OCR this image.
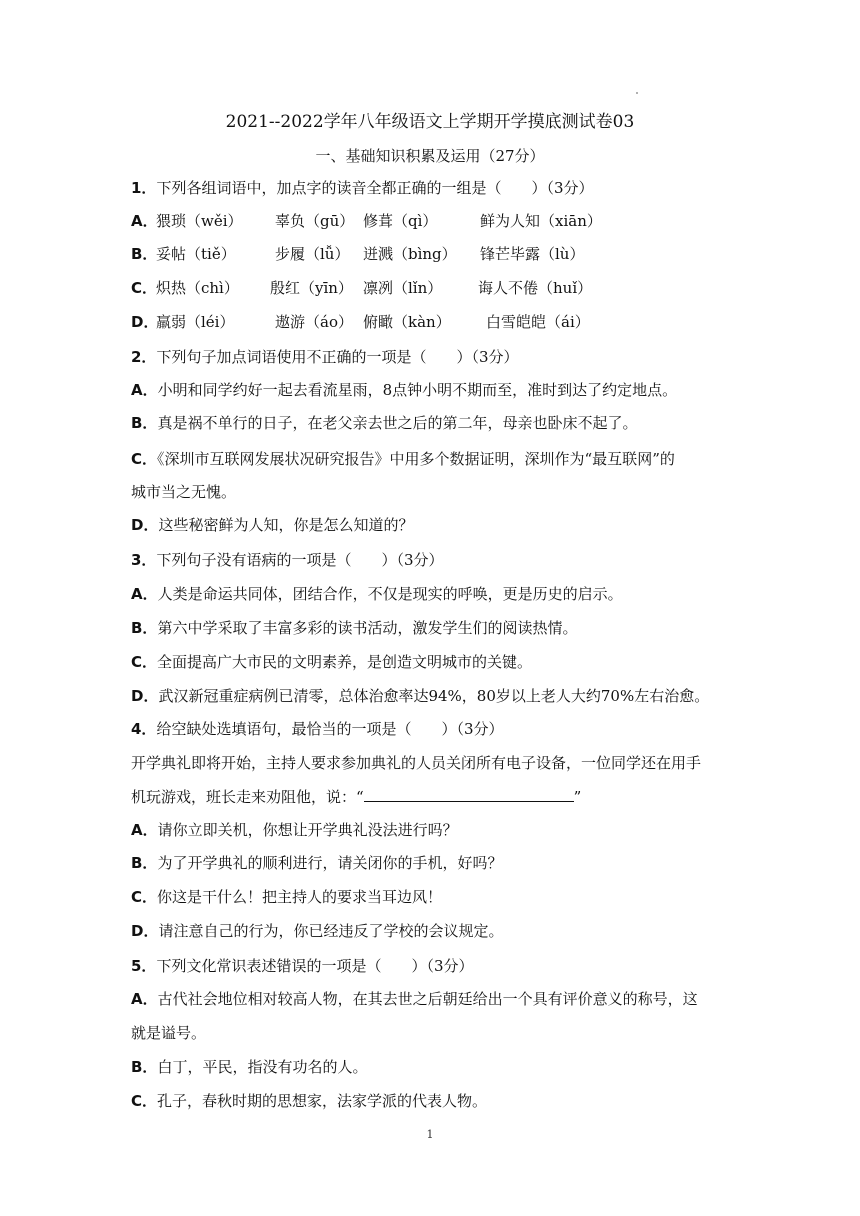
2021--2022学年八年级语文上学期开学摸底测试卷03
一、基础知识积累及运用（27分）
1．下列各组词语中，加点字的读音全都正确的一组是（　　）（3分）
A．
猥琐（wěi） 辜负（gū） 修葺（qì）	鲜为人知（xiān）
B．
妥帖（tiě）	步履（lǚ） 迸溅（bìng） 锋芒毕露（lù）
C．
炽热（chì） 殷红（yīn） 凛冽（lǐn） 诲人不倦（huǐ）
D．
羸弱（léi）	遨游（áo） 俯瞰（kàn） 白雪皑皑（ái）
2．下列句子加点词语使用不正确的一项是（　　）（3分）
A．小明和同学约好一起去看流星雨，8点钟小明不期而至，准时到达了约定地点。
B．真是祸不单行的日子，在老父亲去世之后的第二年，母亲也卧床不起了。
C．《深圳市互联网发展状况研究报告》中用多个数据证明，深圳作为“最互联网”的
城市当之无愧。
D．这些秘密鲜为人知，你是怎么知道的？
3．下列句子没有语病的一项是（　　）（3分）
A．人类是命运共同体，团结合作，不仅是现实的呼唤，更是历史的启示。
B．第六中学采取了丰富多彩的读书活动，激发学生们的阅读热情。
C．全面提高广大市民的文明素养，是创造文明城市的关键。
D．武汉新冠重症病例已清零，总体治愈率达94%，80岁以上老人大约70%左右治愈。
4．给空缺处选填语句，最恰当的一项是（　　）（3分）
开学典礼即将开始，主持人要求参加典礼的人员关闭所有电子设备，一位同学还在用手
机玩游戏，班长走来劝阻他，说：“	”
A．请你立即关机，你想让开学典礼没法进行吗？
B．为了开学典礼的顺利进行，请关闭你的手机，好吗？
C．你这是干什么！把主持人的要求当耳边风！
D．请注意自己的行为，你已经违反了学校的会议规定。
5．下列文化常识表述错误的一项是（　　）（3分）
A．古代社会地位相对较高人物，在其去世之后朝廷给出一个具有评价意义的称号，这
就是谥号。
B．白丁，平民，指没有功名的人。
C．孔子，春秋时期的思想家，法家学派的代表人物。
1
